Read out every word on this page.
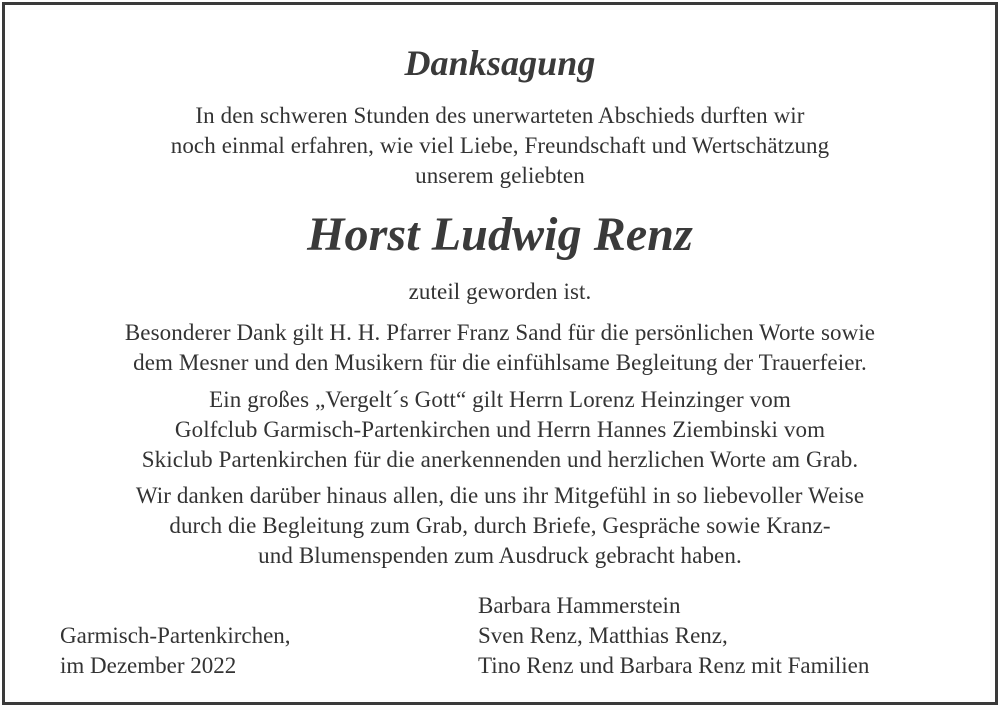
Danksagung
In den schweren Stunden des unerwarteten Abschieds durften wir
noch einmal erfahren, wie viel Liebe, Freundschaft und Wertschätzung
unserem geliebten
Horst Ludwig Renz
zuteil geworden ist.
Besonderer Dank gilt H. H. Pfarrer Franz Sand für die persönlichen Worte sowie
dem Mesner und den Musikern für die einfühlsame Begleitung der Trauerfeier.
Ein großes „Vergelt´s Gott“ gilt Herrn Lorenz Heinzinger vom
Golfclub Garmisch-Partenkirchen und Herrn Hannes Ziembinski vom
Skiclub Partenkirchen für die anerkennenden und herzlichen Worte am Grab.
Wir danken darüber hinaus allen, die uns ihr Mitgefühl in so liebevoller Weise
durch die Begleitung zum Grab, durch Briefe, Gespräche sowie Kranz-
und Blumenspenden zum Ausdruck gebracht haben.
Garmisch-Partenkirchen,
im Dezember 2022
Barbara Hammerstein
Sven Renz, Matthias Renz,
Tino Renz und Barbara Renz mit Familien
